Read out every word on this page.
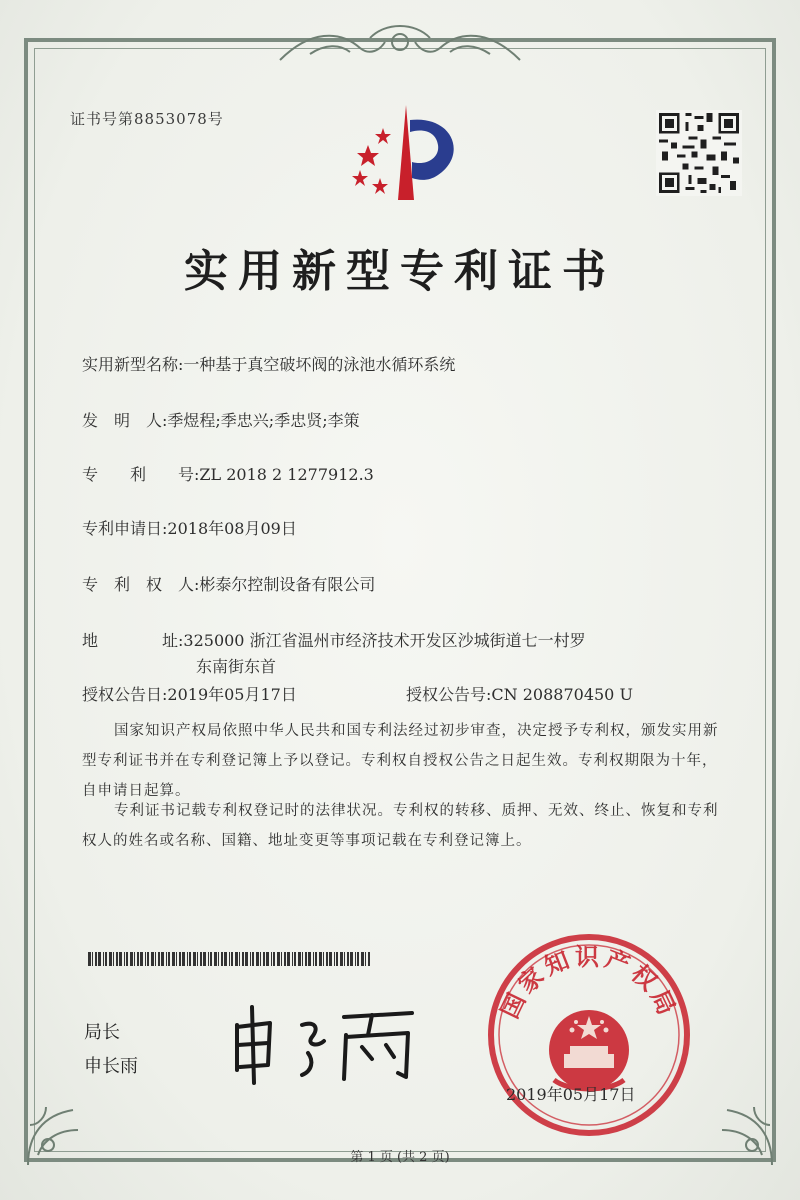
证书号第8853078号
实用新型专利证书
实用新型名称:一种基于真空破坏阀的泳池水循环系统
发　明　人:季煜程;季忠兴;季忠贤;李策
专　　利　　号:ZL 2018 2 1277912.3
专利申请日:2018年08月09日
专　利　权　人:彬泰尔控制设备有限公司
地　　　　址:325000 浙江省温州市经济技术开发区沙城街道七一村罗
东南街东首
授权公告日:2019年05月17日	授权公告号:CN 208870450 U
国家知识产权局依照中华人民共和国专利法经过初步审查，决定授予专利权，颁发实用新型专利证书并在专利登记簿上予以登记。专利权自授权公告之日起生效。专利权期限为十年，自申请日起算。
专利证书记载专利权登记时的法律状况。专利权的转移、质押、无效、终止、恢复和专利权人的姓名或名称、国籍、地址变更等事项记载在专利登记簿上。
局长
申长雨
国家知识产权局
2019年05月17日
第 1 页 (共 2 页)
